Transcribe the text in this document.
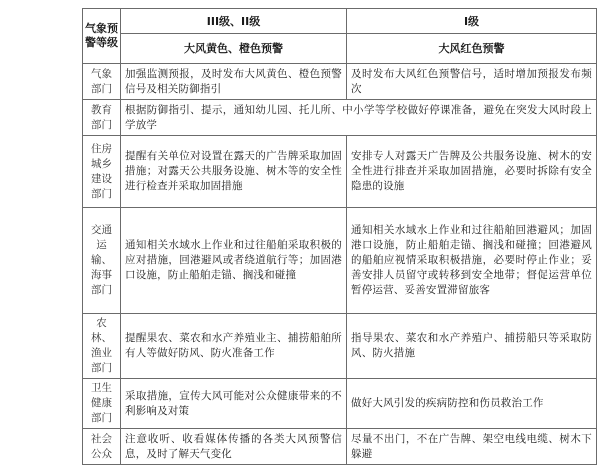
气象预警等级	III级、II级	I级
	大风黄色、橙色预警	大风红色预警
气象部门	加强监测预报，及时发布大风黄色、橙色预警信号及相关防御指引	及时发布大风红色预警信号，适时增加预报发布频次
教育部门	根据防御指引、提示，通知幼儿园、托儿所、中小学等学校做好停课准备，避免在突发大风时段上学放学	
住房城乡建设部门	提醒有关单位对设置在露天的广告牌采取加固措施；对露天公共服务设施、树木等的安全性进行检查并采取加固措施	安排专人对露天广告牌及公共服务设施、树木的安全性进行排查并采取加固措施，必要时拆除有安全隐患的设施
交通运输、海事部门	通知相关水域水上作业和过往船舶采取积极的应对措施，回港避风或者绕道航行等；加固港口设施，防止船舶走锚、搁浅和碰撞	通知相关水域水上作业和过往船舶回港避风；加固港口设施，防止船舶走锚、搁浅和碰撞；回港避风的船舶应视情采取积极措施，必要时停止作业；妥善安排人员留守或转移到安全地带；督促运营单位暂停运营、妥善安置滞留旅客
农林、渔业部门	提醒果农、菜农和水产养殖业主、捕捞船舶所有人等做好防风、防火准备工作	指导果农、菜农和水产养殖户、捕捞船只等采取防风、防火措施
卫生健康部门	采取措施，宣传大风可能对公众健康带来的不利影响及对策	做好大风引发的疾病防控和伤员救治工作
社会公众	注意收听、收看媒体传播的各类大风预警信息，及时了解天气变化	尽量不出门，不在广告牌、架空电线电缆、树木下躲避
